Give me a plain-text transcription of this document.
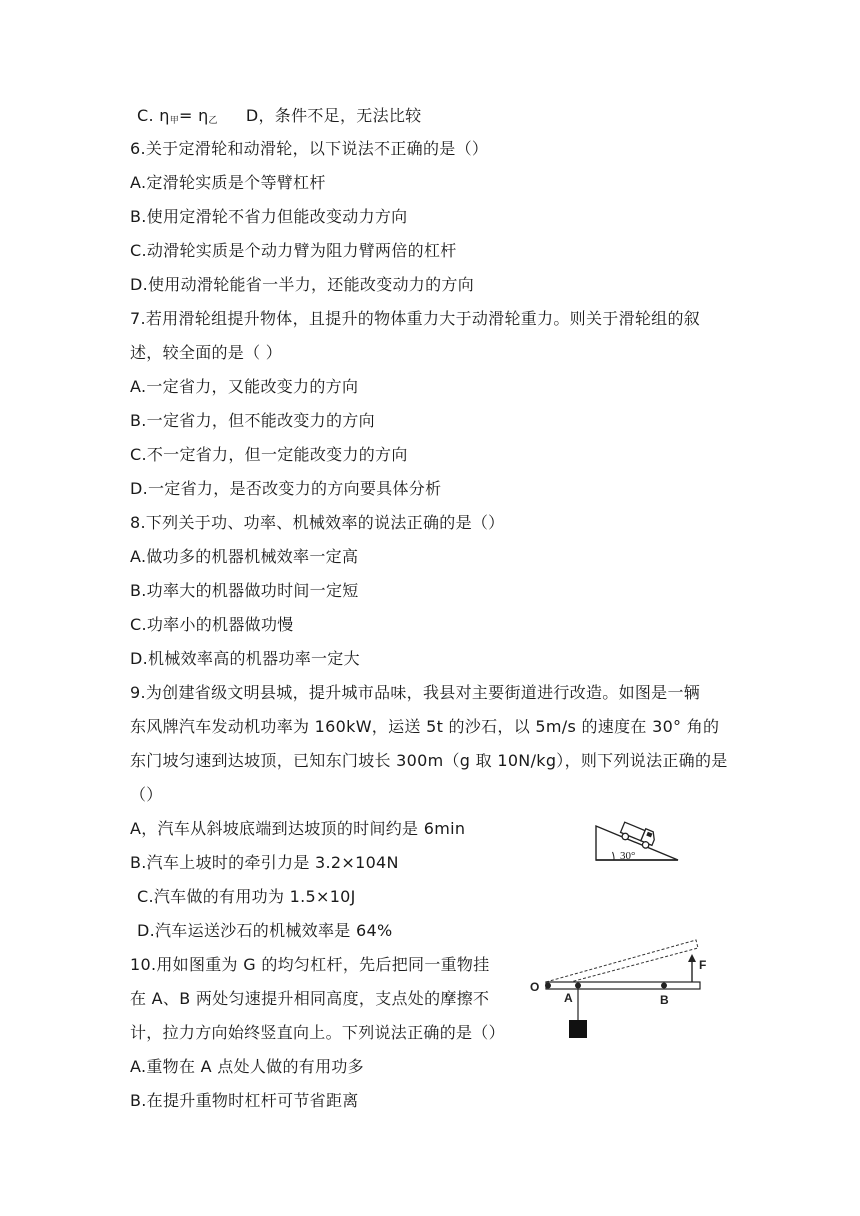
C. $\eta_甲= \eta_乙$ D，条件不足，无法比较
6.关于定滑轮和动滑轮，以下说法不正确的是（）
A.定滑轮实质是个等臂杠杆
B.使用定滑轮不省力但能改变动力方向
C.动滑轮实质是个动力臂为阻力臂两倍的杠杆
D.使用动滑轮能省一半力，还能改变动力的方向
7.若用滑轮组提升物体，且提升的物体重力大于动滑轮重力。则关于滑轮组的叙
述，较全面的是（ ）
A.一定省力，又能改变力的方向
B.一定省力，但不能改变力的方向
C.不一定省力，但一定能改变力的方向
D.一定省力，是否改变力的方向要具体分析
8.下列关于功、功率、机械效率的说法正确的是（）
A.做功多的机器机械效率一定高
B.功率大的机器做功时间一定短
C.功率小的机器做功慢
D.机械效率高的机器功率一定大
9.为创建省级文明县城，提升城市品味，我县对主要街道进行改造。如图是一辆
东风牌汽车发动机功率为 160kW，运送 5t 的沙石，以 5m/s 的速度在 30° 角的
东门坡匀速到达坡顶，已知东门坡长 300m（g 取 10N/kg），则下列说法正确的是
（）
A，汽车从斜坡底端到达坡顶的时间约是 6min
B.汽车上坡时的牵引力是 3.2×104N
C.汽车做的有用功为 1.5×10J
D.汽车运送沙石的机械效率是 64%
30°
10.用如图重为 G 的均匀杠杆，先后把同一重物挂
在 A、B 两处匀速提升相同高度，支点处的摩擦不
计，拉力方向始终竖直向上。下列说法正确的是（）
A.重物在 A 点处人做的有用功多
B.在提升重物时杠杆可节省距离
O
A	B
F
